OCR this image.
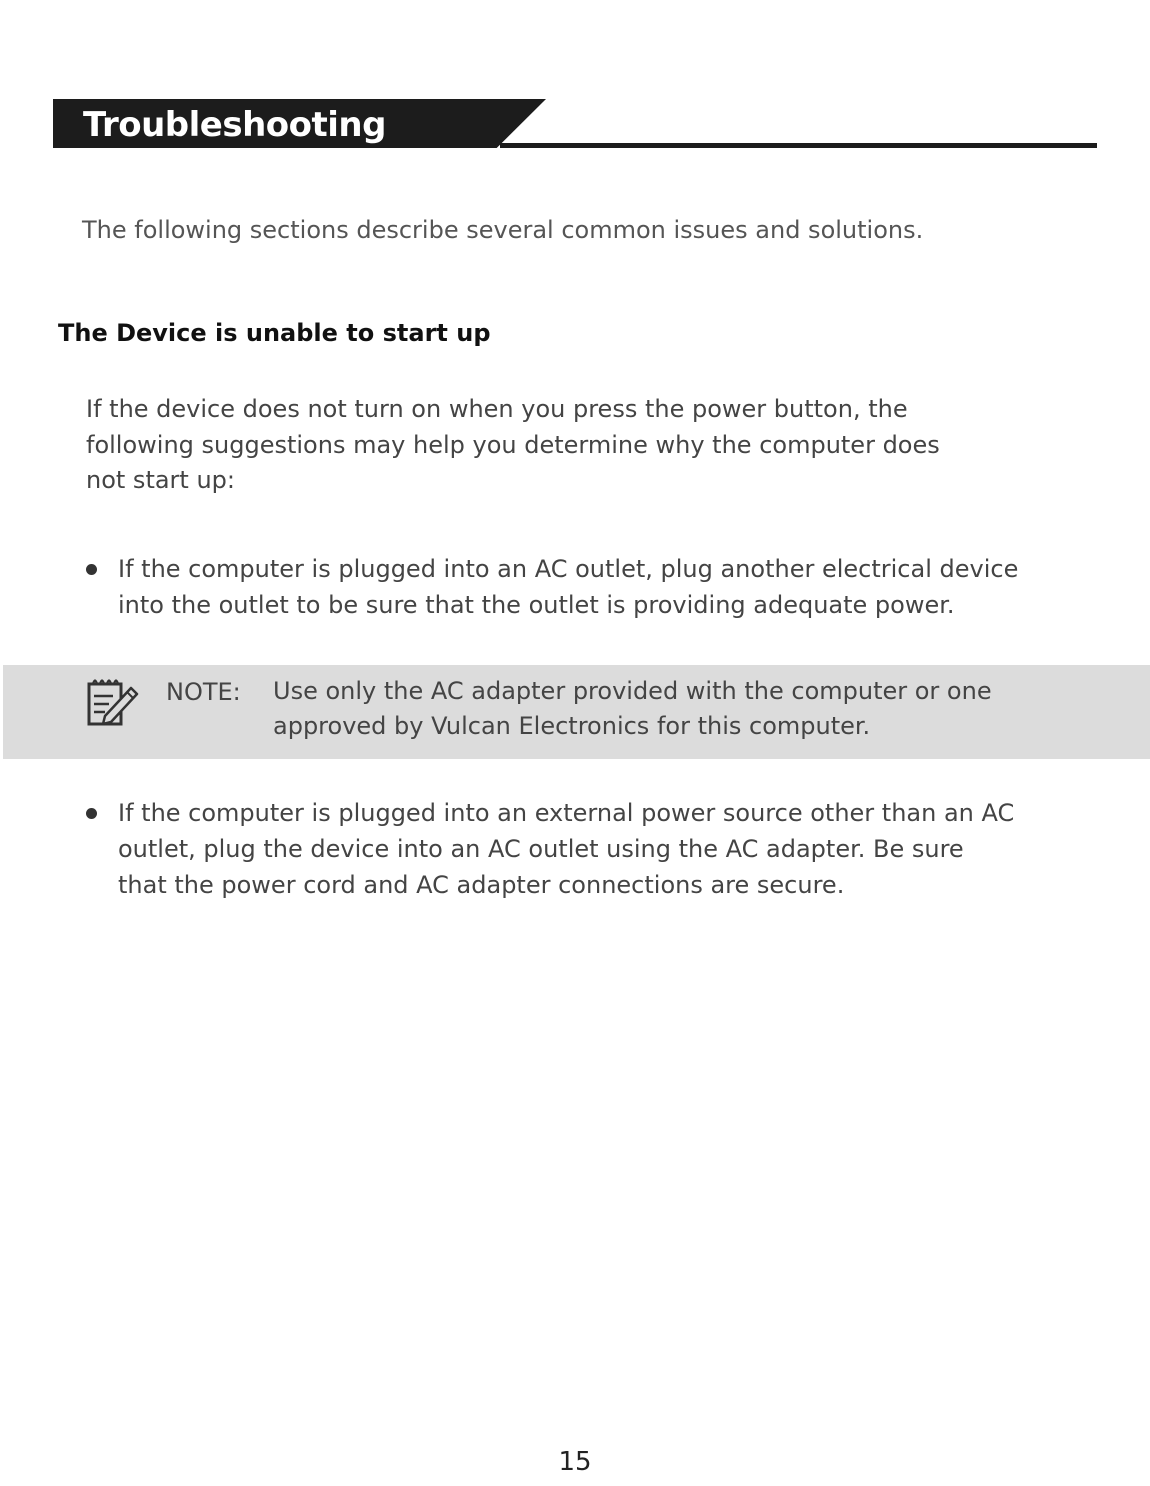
Troubleshooting
The following sections describe several common issues and solutions.
The Device is unable to start up
If the device does not turn on when you press the power button, the
following suggestions may help you determine why the computer does
not start up:
If the computer is plugged into an AC outlet, plug another electrical device
into the outlet to be sure that the outlet is providing adequate power.
NOTE: Use only the AC adapter provided with the computer or one
approved by Vulcan Electronics for this computer.
If the computer is plugged into an external power source other than an AC
outlet, plug the device into an AC outlet using the AC adapter. Be sure
that the power cord and AC adapter connections are secure.
15
